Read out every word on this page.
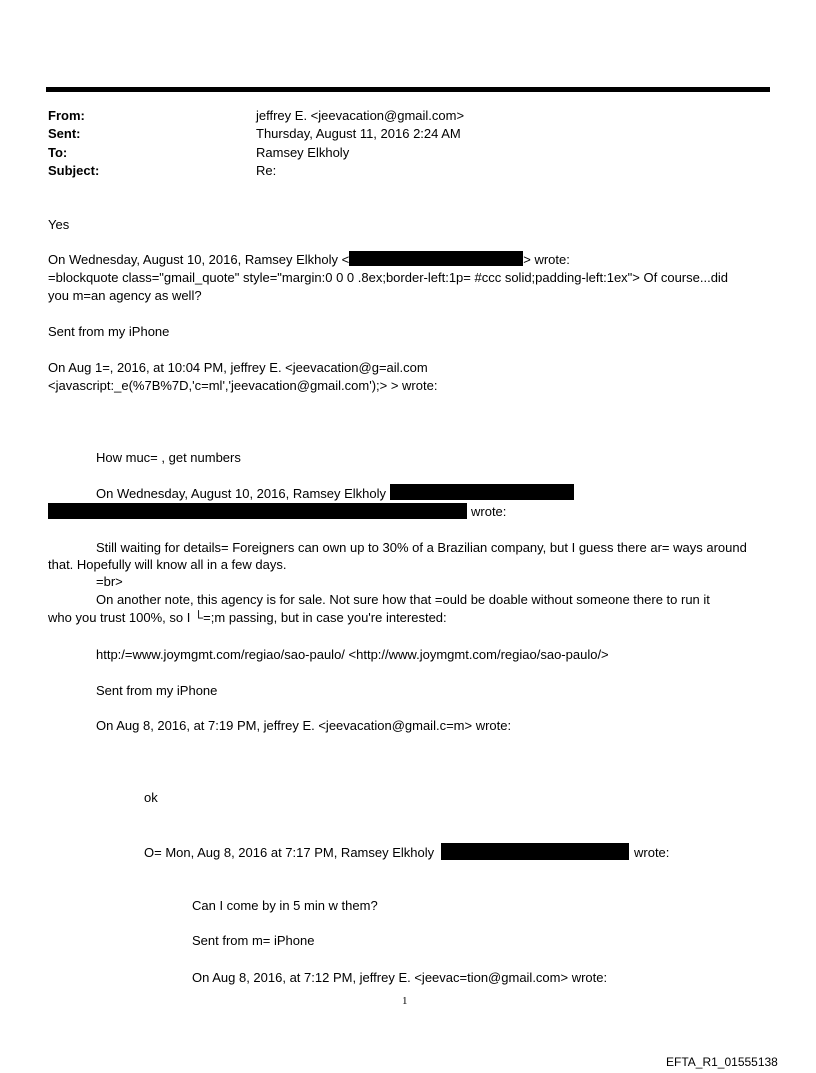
From:	jeffrey E. <jeevacation@gmail.com>
Sent:	Thursday, August 11, 2016 2:24 AM
To:	Ramsey Elkholy
Subject:	Re:
Yes
On Wednesday, August 10, 2016, Ramsey Elkholy <	> wrote:
=blockquote class="gmail_quote" style="margin:0 0 0 .8ex;border-left:1p= #ccc solid;padding-left:1ex"> Of course...did
you m=an agency as well?
Sent from my iPhone
On Aug 1=, 2016, at 10:04 PM, jeffrey E. <jeevacation@g=ail.com
<javascript:_e(%7B%7D,'c=ml','jeevacation@gmail.com');> > wrote:
How muc= , get numbers
On Wednesday, August 10, 2016, Ramsey Elkholy
wrote:
Still waiting for details= Foreigners can own up to 30% of a Brazilian company, but I guess there ar= ways around
that. Hopefully will know all in a few days.
=br>
On another note, this agency is for sale. Not sure how that =ould be doable without someone there to run it
who you trust 100%, so I └=;m passing, but in case you're interested:
http:/=www.joymgmt.com/regiao/sao-paulo/ <http://www.joymgmt.com/regiao/sao-paulo/>
Sent from my iPhone
On Aug 8, 2016, at 7:19 PM, jeffrey E. <jeevacation@gmail.c=m> wrote:
ok
O= Mon, Aug 8, 2016 at 7:17 PM, Ramsey Elkholy	wrote:
Can I come by in 5 min w them?
Sent from m= iPhone
On Aug 8, 2016, at 7:12 PM, jeffrey E. <jeevac=tion@gmail.com> wrote:
1
EFTA_R1_01555138
